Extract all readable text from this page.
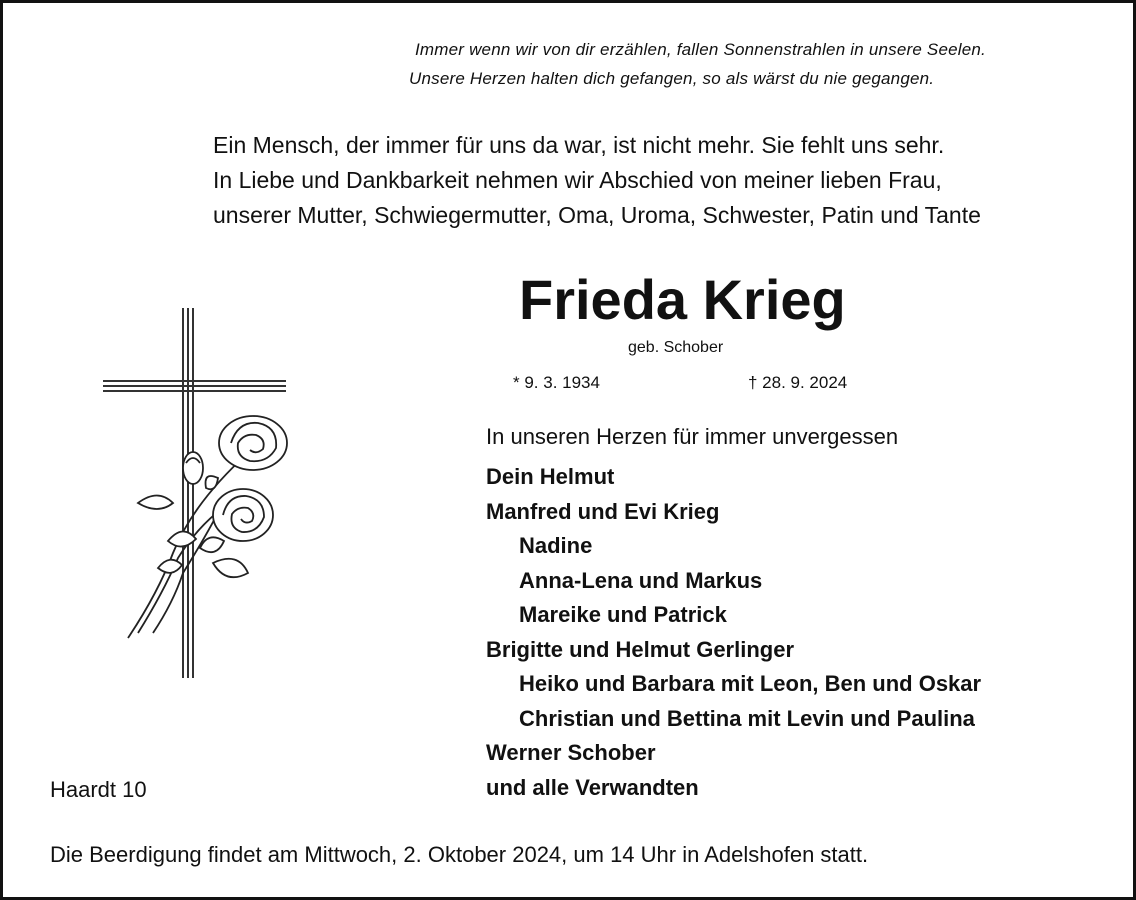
Immer wenn wir von dir erzählen, fallen Sonnenstrahlen in unsere Seelen.
Unsere Herzen halten dich gefangen, so als wärst du nie gegangen.
Ein Mensch, der immer für uns da war, ist nicht mehr. Sie fehlt uns sehr.
In Liebe und Dankbarkeit nehmen wir Abschied von meiner lieben Frau,
unserer Mutter, Schwiegermutter, Oma, Uroma, Schwester, Patin und Tante
Frieda Krieg
geb. Schober
* 9. 3. 1934	† 28. 9. 2024
In unseren Herzen für immer unvergessen
Dein Helmut
Manfred und Evi Krieg
Nadine
Anna-Lena und Markus
Mareike und Patrick
Brigitte und Helmut Gerlinger
Heiko und Barbara mit Leon, Ben und Oskar
Christian und Bettina mit Levin und Paulina
Werner Schober
und alle Verwandten
Haardt 10
Die Beerdigung findet am Mittwoch, 2. Oktober 2024, um 14 Uhr in Adelshofen statt.
